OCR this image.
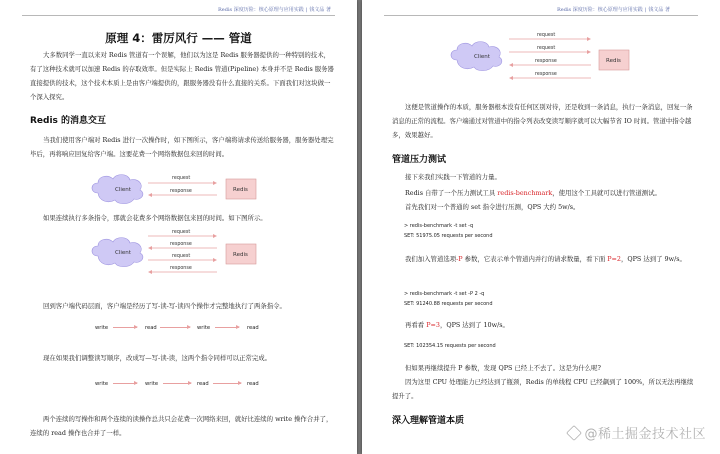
Redis 深度历险：核心原理与应用实践 | 钱文品 著
原理 4：雷厉风行 —— 管道

大多数同学一直以来对 Redis 管道有一个误解，他们以为这是 Redis 服务器提供的一种特别的技术，有了这种技术就可以加速 Redis 的存取效率。但是实际上 Redis 管道(Pipeline) 本身并不是 Redis 服务器直接提供的技术，这个技术本质上是由客户端提供的，跟服务器没有什么直接的关系。下面我们对这块做一个深入探究。

Redis 的消息交互

当我们使用客户端对 Redis 进行一次操作时，如下图所示，客户端将请求传送给服务器，服务器处理完毕后，再将响应回复给客户端。这要花费一个网络数据包来回的时间。

Client
request
response	Redis

如果连续执行多条指令，那就会花费多个网络数据包来回的时间。如下图所示。

Client
request
response
request
response
Redis

回到客户端代码层面，客户端是经历了写-读-写-读四个操作才完整地执行了两条指令。

write	read	write	read

现在如果我们调整读写顺序，改成写—写-读-读，这两个指令同样可以正常完成。

write	write	read	read

两个连续的写操作和两个连续的读操作总共只会花费一次网络来回，就好比连续的 write 操作合并了，连续的 read 操作也合并了一样。

Redis 深度历险：核心原理与应用实践 | 钱文品 著
Client
request
request
response
response
Redis

这便是管道操作的本质，服务器根本没有任何区别对待，还是收到一条消息，执行一条消息，回复一条消息的正常的流程。客户端通过对管道中的指令列表改变读写顺序就可以大幅节省 IO 时间。管道中指令越多，效果越好。

管道压力测试

接下来我们实践一下管道的力量。

Redis 自带了一个压力测试工具 redis-benchmark，使用这个工具就可以进行管道测试。

首先我们对一个普通的 set 指令进行压测，QPS 大约 5w/s。

> redis-benchmark -t set -q
SET: 51975.05 requests per second

我们加入管道选项-P 参数，它表示单个管道内并行的请求数量，看下面 P=2，QPS 达到了 9w/s。

> redis-benchmark -t set -P 2 -q
SET: 91240.88 requests per second

再看看 P=3，QPS 达到了 10w/s。

SET: 102354.15 requests per second

但如果再继续提升 P 参数，发现 QPS 已经上不去了。这是为什么呢?

因为这里 CPU 处理能力已经达到了瓶颈，Redis 的单线程 CPU 已经飙到了 100%，所以无法再继续提升了。

深入理解管道本质
@稀土掘金技术社区
